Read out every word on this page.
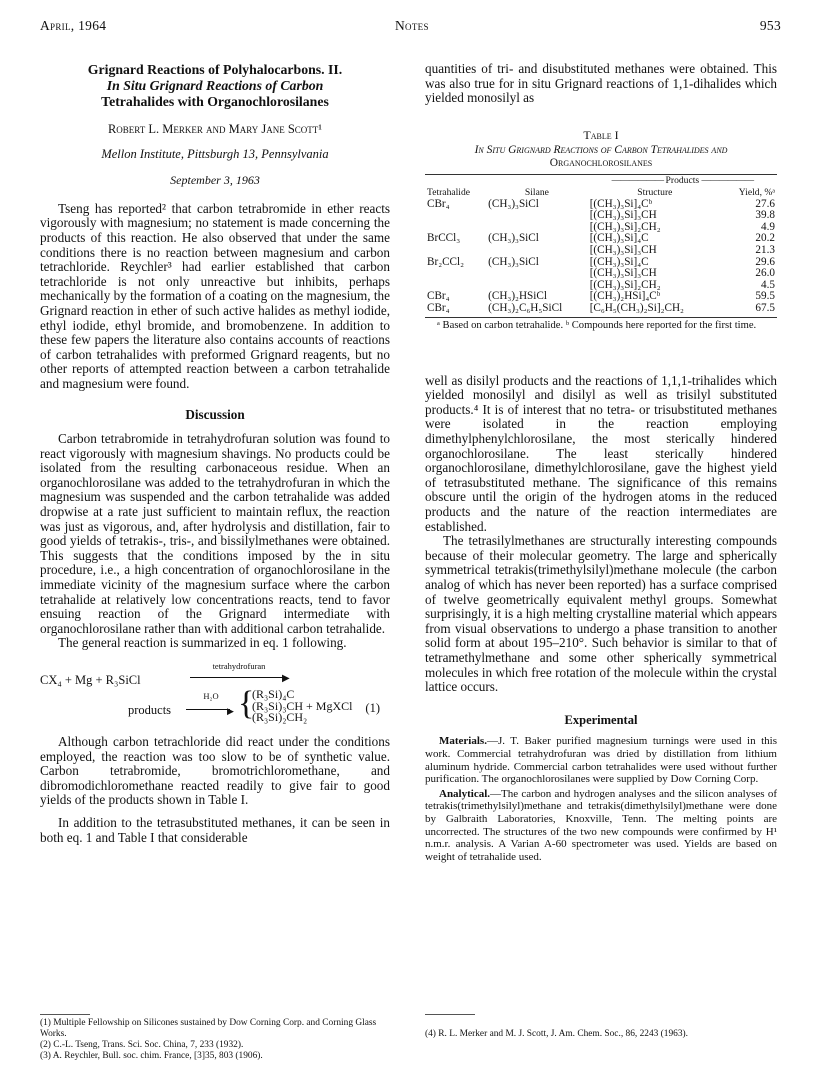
April, 1964	Notes	953
Grignard Reactions of Polyhalocarbons. II.
In Situ Grignard Reactions of Carbon
Tetrahalides with Organochlorosilanes
Robert L. Merker and Mary Jane Scott¹
Mellon Institute, Pittsburgh 13, Pennsylvania
September 3, 1963

Tseng has reported² that carbon tetrabromide in ether reacts vigorously with magnesium; no statement is made concerning the products of this reaction. He also observed that under the same conditions there is no reaction between magnesium and carbon tetrachloride. Reychler³ had earlier established that carbon tetrachloride is not only unreactive but inhibits, perhaps mechanically by the formation of a coating on the magnesium, the Grignard reaction in ether of such active halides as methyl iodide, ethyl iodide, ethyl bromide, and bromobenzene. In addition to these few papers the literature also contains accounts of reactions of carbon tetrahalides with preformed Grignard reagents, but no other reports of attempted reaction between a carbon tetrahalide and magnesium were found.

Discussion

Carbon tetrabromide in tetrahydrofuran solution was found to react vigorously with magnesium shavings. No products could be isolated from the resulting carbonaceous residue. When an organochlorosilane was added to the tetrahydrofuran in which the magnesium was suspended and the carbon tetrahalide was added dropwise at a rate just sufficient to maintain reflux, the reaction was just as vigorous, and, after hydrolysis and distillation, fair to good yields of tetrakis-, tris-, and bissilylmethanes were obtained. This suggests that the conditions imposed by the in situ procedure, i.e., a high concentration of organochlorosilane in the immediate vicinity of the magnesium surface where the carbon tetrahalide at relatively low concentrations reacts, tend to favor ensuing reaction of the Grignard intermediate with organochlorosilane rather than with additional carbon tetrahalide.

The general reaction is summarized in eq. 1 following.

CX₄ + Mg + R₃SiCl
tetrahydrofuran
▶
products
H₂O
▶ {
(R₃Si)₄C
(R₃Si)₃CH + MgXCl
(R₃Si)₂CH₂
(1)

Although carbon tetrachloride did react under the conditions employed, the reaction was too slow to be of synthetic value. Carbon tetrabromide, bromotrichloromethane, and dibromodichloromethane reacted readily to give fair to good yields of the products shown in Table I.

In addition to the tetrasubstituted methanes, it can be seen in both eq. 1 and Table I that considerable

quantities of tri- and disubstituted methanes were obtained. This was also true for in situ Grignard reactions of 1,1-dihalides which yielded monosilyl as

Table I
In Situ Grignard Reactions of Carbon Tetrahalides and
Organochlorosilanes
		—————— Products ——————	
Tetrahalide	Silane	Structure	Yield, %ᵃ
CBr₄	(CH₃)₃SiCl	[(CH₃)₃Si]₄Cᵇ	27.6
		[(CH₃)₃Si]₃CH	39.8
		[(CH₃)₃Si]₂CH₂	4.9
BrCCl₃	(CH₃)₃SiCl	[(CH₃)₃Si]₄C	20.2
		[(CH₃)₃Si]₃CH	21.3
Br₂CCl₂	(CH₃)₃SiCl	[(CH₃)₃Si]₄C	29.6
		[(CH₃)₃Si]₃CH	26.0
		[(CH₃)₃Si]₂CH₂	4.5
CBr₄	(CH₃)₂HSiCl	[(CH₃)₂HSi]₄Cᵇ	59.5
CBr₄	(CH₃)₂C₆H₅SiCl	[C₆H₅(CH₃)₂Si]₂CH₂	67.5

ᵃ Based on carbon tetrahalide. ᵇ Compounds here reported for the first time.

well as disilyl products and the reactions of 1,1,1-trihalides which yielded monosilyl and disilyl as well as trisilyl substituted products.⁴ It is of interest that no tetra- or trisubstituted methanes were isolated in the reaction employing dimethylphenylchlorosilane, the most sterically hindered organochlorosilane. The least sterically hindered organochlorosilane, dimethylchlorosilane, gave the highest yield of tetrasubstituted methane. The significance of this remains obscure until the origin of the hydrogen atoms in the reduced products and the nature of the reaction intermediates are established.

The tetrasilylmethanes are structurally interesting compounds because of their molecular geometry. The large and spherically symmetrical tetrakis(trimethylsilyl)methane molecule (the carbon analog of which has never been reported) has a surface comprised of twelve geometrically equivalent methyl groups. Somewhat surprisingly, it is a high melting crystalline material which appears from visual observations to undergo a phase transition to another solid form at about 195–210°. Such behavior is similar to that of tetramethylmethane and some other spherically symmetrical molecules in which free rotation of the molecule within the crystal lattice occurs.

Experimental

Materials.—J. T. Baker purified magnesium turnings were used in this work. Commercial tetrahydrofuran was dried by distillation from lithium aluminum hydride. Commercial carbon tetrahalides were used without further purification. The organochlorosilanes were supplied by Dow Corning Corp.

Analytical.—The carbon and hydrogen analyses and the silicon analyses of tetrakis(trimethylsilyl)methane and tetrakis(dimethylsilyl)methane were done by Galbraith Laboratories, Knoxville, Tenn. The melting points are uncorrected. The structures of the two new compounds were confirmed by H¹ n.m.r. analysis. A Varian A-60 spectrometer was used. Yields are based on weight of tetrahalide used.

(1) Multiple Fellowship on Silicones sustained by Dow Corning Corp. and Corning Glass Works.
(2) C.-L. Tseng, Trans. Sci. Soc. China, 7, 233 (1932).
(3) A. Reychler, Bull. soc. chim. France, [3]35, 803 (1906).
(4) R. L. Merker and M. J. Scott, J. Am. Chem. Soc., 86, 2243 (1963).
